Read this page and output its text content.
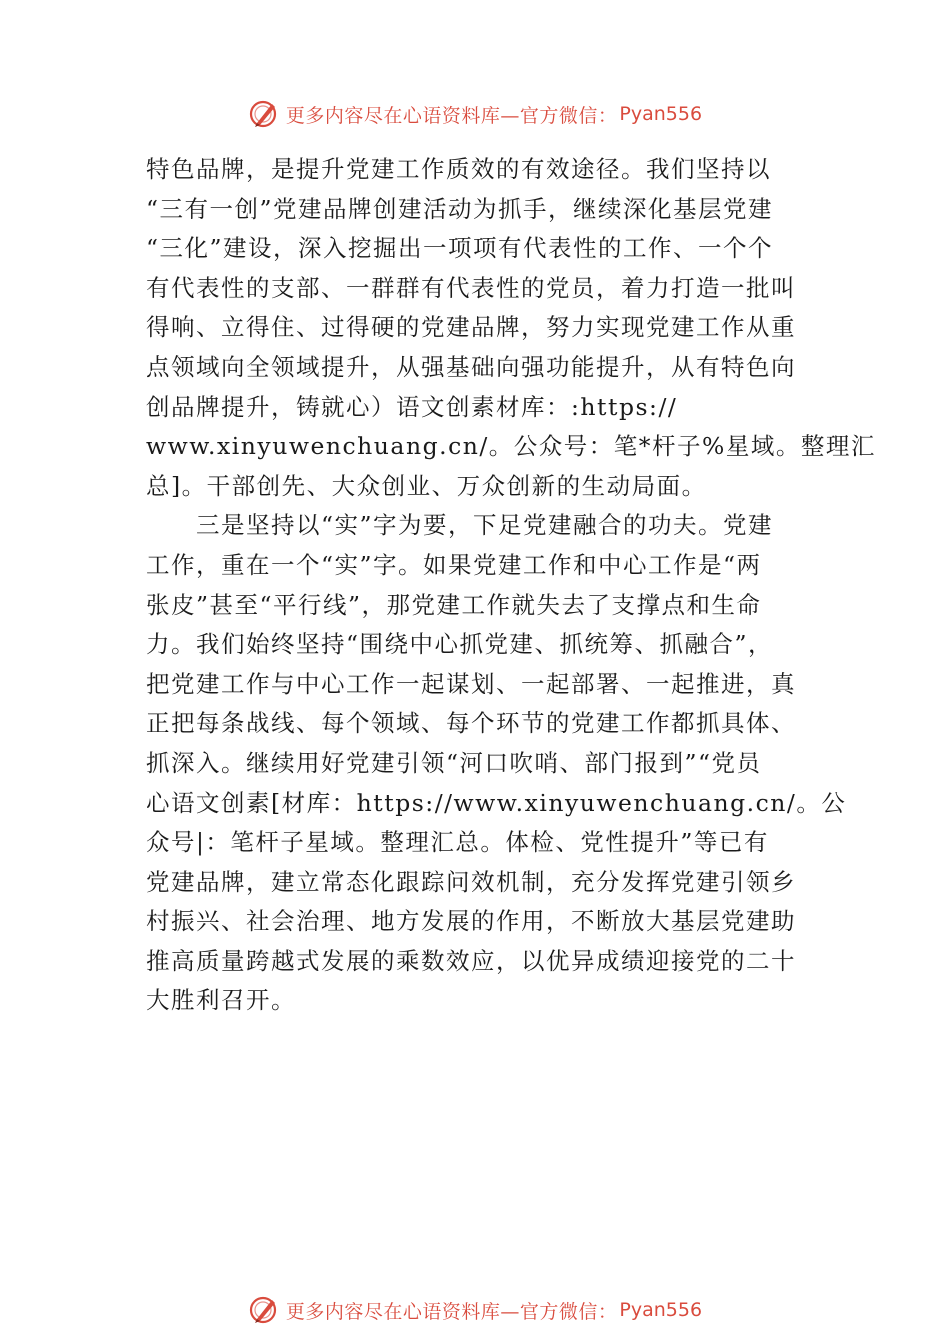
更多内容尽在心语资料库—官方微信： Pyan556
特色品牌，是提升党建工作质效的有效途径。我们坚持以
“三有一创”党建品牌创建活动为抓手，继续深化基层党建
“三化”建设，深入挖掘出一项项有代表性的工作、一个个
有代表性的支部、一群群有代表性的党员，着力打造一批叫
得响、立得住、过得硬的党建品牌，努力实现党建工作从重
点领域向全领域提升，从强基础向强功能提升，从有特色向
创品牌提升，铸就心）语文创素材库：:https://
www.xinyuwenchuang.cn/。公众号：笔*杆子%星域。整理汇
总]。干部创先、大众创业、万众创新的生动局面。
三是坚持以“实”字为要，下足党建融合的功夫。党建
工作，重在一个“实”字。如果党建工作和中心工作是“两
张皮”甚至“平行线”，那党建工作就失去了支撑点和生命
力。我们始终坚持“围绕中心抓党建、抓统筹、抓融合”，
把党建工作与中心工作一起谋划、一起部署、一起推进，真
正把每条战线、每个领域、每个环节的党建工作都抓具体、
抓深入。继续用好党建引领“河口吹哨、部门报到”“党员
心语文创素[材库：https://www.xinyuwenchuang.cn/。公
众号|：笔杆子星域。整理汇总。体检、党性提升”等已有
党建品牌，建立常态化跟踪问效机制，充分发挥党建引领乡
村振兴、社会治理、地方发展的作用，不断放大基层党建助
推高质量跨越式发展的乘数效应，以优异成绩迎接党的二十
大胜利召开。
更多内容尽在心语资料库—官方微信： Pyan556
